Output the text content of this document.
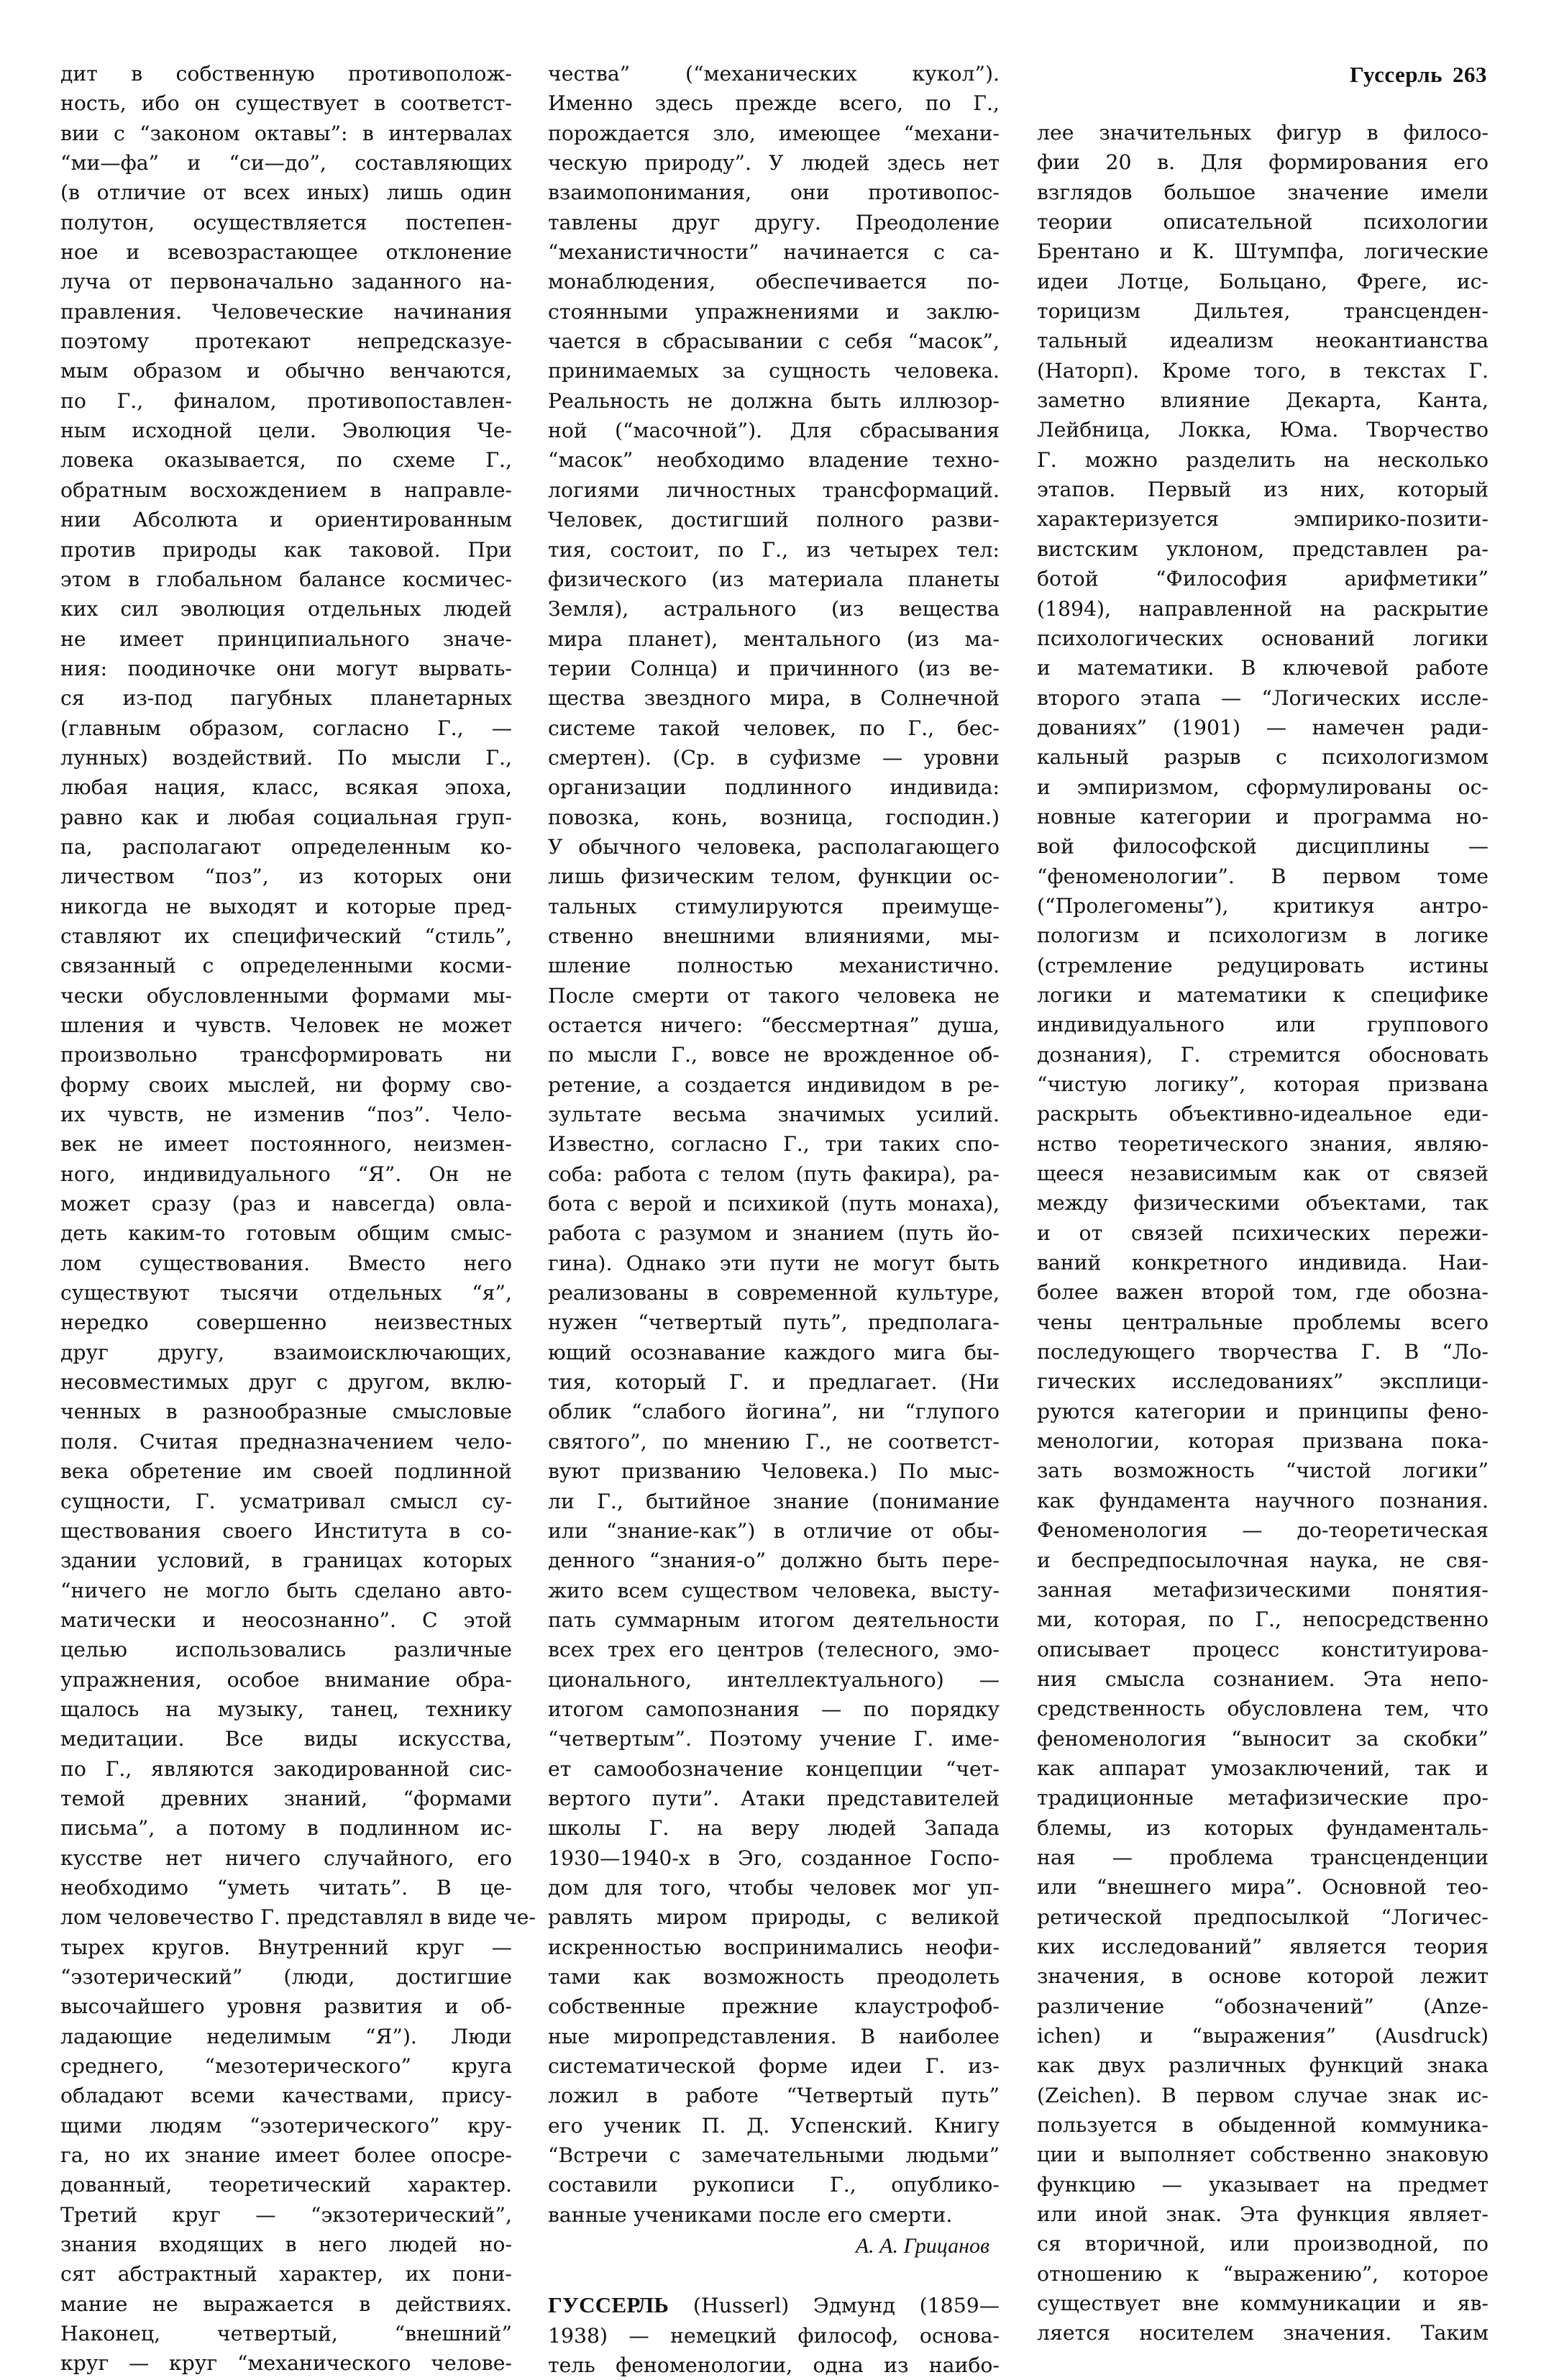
Гуссерль 263
дит в собственную противополож-
ность, ибо он существует в соответст-
вии с “законом октавы”: в интервалах
“ми—фа” и “си—до”, составляющих
(в отличие от всех иных) лишь один
полутон, осуществляется постепен-
ное и всевозрастающее отклонение
луча от первоначально заданного на-
правления. Человеческие начинания
поэтому протекают непредсказуе-
мым образом и обычно венчаются,
по Г., финалом, противопоставлен-
ным исходной цели. Эволюция Че-
ловека оказывается, по схеме Г.,
обратным восхождением в направле-
нии Абсолюта и ориентированным
против природы как таковой. При
этом в глобальном балансе космичес-
ких сил эволюция отдельных людей
не имеет принципиального значе-
ния: поодиночке они могут вырвать-
ся из-под пагубных планетарных
(главным образом, согласно Г., —
лунных) воздействий. По мысли Г.,
любая нация, класс, всякая эпоха,
равно как и любая социальная груп-
па, располагают определенным ко-
личеством “поз”, из которых они
никогда не выходят и которые пред-
ставляют их специфический “стиль”,
связанный с определенными косми-
чески обусловленными формами мы-
шления и чувств. Человек не может
произвольно трансформировать ни
форму своих мыслей, ни форму сво-
их чувств, не изменив “поз”. Чело-
век не имеет постоянного, неизмен-
ного, индивидуального “Я”. Он не
может сразу (раз и навсегда) овла-
деть каким-то готовым общим смыс-
лом существования. Вместо него
существуют тысячи отдельных “я”,
нередко совершенно неизвестных
друг другу, взаимоисключающих,
несовместимых друг с другом, вклю-
ченных в разнообразные смысловые
поля. Считая предназначением чело-
века обретение им своей подлинной
сущности, Г. усматривал смысл су-
ществования своего Института в со-
здании условий, в границах которых
“ничего не могло быть сделано авто-
матически и неосознанно”. С этой
целью использовались различные
упражнения, особое внимание обра-
щалось на музыку, танец, технику
медитации. Все виды искусства,
по Г., являются закодированной сис-
темой древних знаний, “формами
письма”, а потому в подлинном ис-
кусстве нет ничего случайного, его
необходимо “уметь читать”. В це-
лом человечество Г. представлял в виде че-
тырех кругов. Внутренний круг —
“эзотерический” (люди, достигшие
высочайшего уровня развития и об-
ладающие неделимым “Я”). Люди
среднего, “мезотерического” круга
обладают всеми качествами, прису-
щими людям “эзотерического” кру-
га, но их знание имеет более опосре-
дованный, теоретический характер.
Третий круг — “экзотерический”,
знания входящих в него людей но-
сят абстрактный характер, их пони-
мание не выражается в действиях.
Наконец, четвертый, “внешний”
круг — круг “механического челове-
чества” (“механических кукол”).
Именно здесь прежде всего, по Г.,
порождается зло, имеющее “механи-
ческую природу”. У людей здесь нет
взаимопонимания, они противопос-
тавлены друг другу. Преодоление
“механистичности” начинается с са-
монаблюдения, обеспечивается по-
стоянными упражнениями и заклю-
чается в сбрасывании с себя “масок”,
принимаемых за сущность человека.
Реальность не должна быть иллюзор-
ной (“масочной”). Для сбрасывания
“масок” необходимо владение техно-
логиями личностных трансформаций.
Человек, достигший полного разви-
тия, состоит, по Г., из четырех тел:
физического (из материала планеты
Земля), астрального (из вещества
мира планет), ментального (из ма-
терии Солнца) и причинного (из ве-
щества звездного мира, в Солнечной
системе такой человек, по Г., бес-
смертен). (Ср. в суфизме — уровни
организации подлинного индивида:
повозка, конь, возница, господин.)
У обычного человека, располагающего
лишь физическим телом, функции ос-
тальных стимулируются преимуще-
ственно внешними влияниями, мы-
шление полностью механистично.
После смерти от такого человека не
остается ничего: “бессмертная” душа,
по мысли Г., вовсе не врожденное об-
ретение, а создается индивидом в ре-
зультате весьма значимых усилий.
Известно, согласно Г., три таких спо-
соба: работа с телом (путь факира), ра-
бота с верой и психикой (путь монаха),
работа с разумом и знанием (путь йо-
гина). Однако эти пути не могут быть
реализованы в современной культуре,
нужен “четвертый путь”, предполага-
ющий осознавание каждого мига бы-
тия, который Г. и предлагает. (Ни
облик “слабого йогина”, ни “глупого
святого”, по мнению Г., не соответст-
вуют призванию Человека.) По мыс-
ли Г., бытийное знание (понимание
или “знание-как”) в отличие от обы-
денного “знания-о” должно быть пере-
жито всем существом человека, высту-
пать суммарным итогом деятельности
всех трех его центров (телесного, эмо-
ционального, интеллектуального) —
итогом самопознания — по порядку
“четвертым”. Поэтому учение Г. име-
ет самообозначение концепции “чет-
вертого пути”. Атаки представителей
школы Г. на веру людей Запада
1930—1940-х в Эго, созданное Госпо-
дом для того, чтобы человек мог уп-
равлять миром природы, с великой
искренностью воспринимались неофи-
тами как возможность преодолеть
собственные прежние клаустрофоб-
ные миропредставления. В наиболее
систематической форме идеи Г. из-
ложил в работе “Четвертый путь”
его ученик П. Д. Успенский. Книгу
“Встречи с замечательными людьми”
составили рукописи Г., опублико-
ванные учениками после его смерти.
А. А. Грицанов
ГУССЕРЛЬ (Husserl) Эдмунд (1859—
1938) — немецкий философ, основа-
тель феноменологии, одна из наибо-
лее значительных фигур в филосо-
фии 20 в. Для формирования его
взглядов большое значение имели
теории описательной психологии
Брентано и К. Штумпфа, логические
идеи Лотце, Больцано, Фреге, ис-
торицизм Дильтея, трансценден-
тальный идеализм неокантианства
(Наторп). Кроме того, в текстах Г.
заметно влияние Декарта, Канта,
Лейбница, Локка, Юма. Творчество
Г. можно разделить на несколько
этапов. Первый из них, который
характеризуется эмпирико-позити-
вистским уклоном, представлен ра-
ботой “Философия арифметики”
(1894), направленной на раскрытие
психологических оснований логики
и математики. В ключевой работе
второго этапа — “Логических иссле-
дованиях” (1901) — намечен ради-
кальный разрыв с психологизмом
и эмпиризмом, сформулированы ос-
новные категории и программа но-
вой философской дисциплины —
“феноменологии”. В первом томе
(“Пролегомены”), критикуя антро-
пологизм и психологизм в логике
(стремление редуцировать истины
логики и математики к специфике
индивидуального или группового
дознания), Г. стремится обосновать
“чистую логику”, которая призвана
раскрыть объективно-идеальное еди-
нство теоретического знания, являю-
щееся независимым как от связей
между физическими объектами, так
и от связей психических пережи-
ваний конкретного индивида. Наи-
более важен второй том, где обозна-
чены центральные проблемы всего
последующего творчества Г. В “Ло-
гических исследованиях” эксплици-
руются категории и принципы фено-
менологии, которая призвана пока-
зать возможность “чистой логики”
как фундамента научного познания.
Феноменология — до-теоретическая
и беспредпосылочная наука, не свя-
занная метафизическими понятия-
ми, которая, по Г., непосредственно
описывает процесс конституирова-
ния смысла сознанием. Эта непо-
средственность обусловлена тем, что
феноменология “выносит за скобки”
как аппарат умозаключений, так и
традиционные метафизические про-
блемы, из которых фундаменталь-
ная — проблема трансценденции
или “внешнего мира”. Основной тео-
ретической предпосылкой “Логичес-
ких исследований” является теория
значения, в основе которой лежит
различение “обозначений” (Anze-
ichen) и “выражения” (Ausdruck)
как двух различных функций знака
(Zeichen). В первом случае знак ис-
пользуется в обыденной коммуника-
ции и выполняет собственно знаковую
функцию — указывает на предмет
или иной знак. Эта функция являет-
ся вторичной, или производной, по
отношению к “выражению”, которое
существует вне коммуникации и яв-
ляется носителем значения. Таким
